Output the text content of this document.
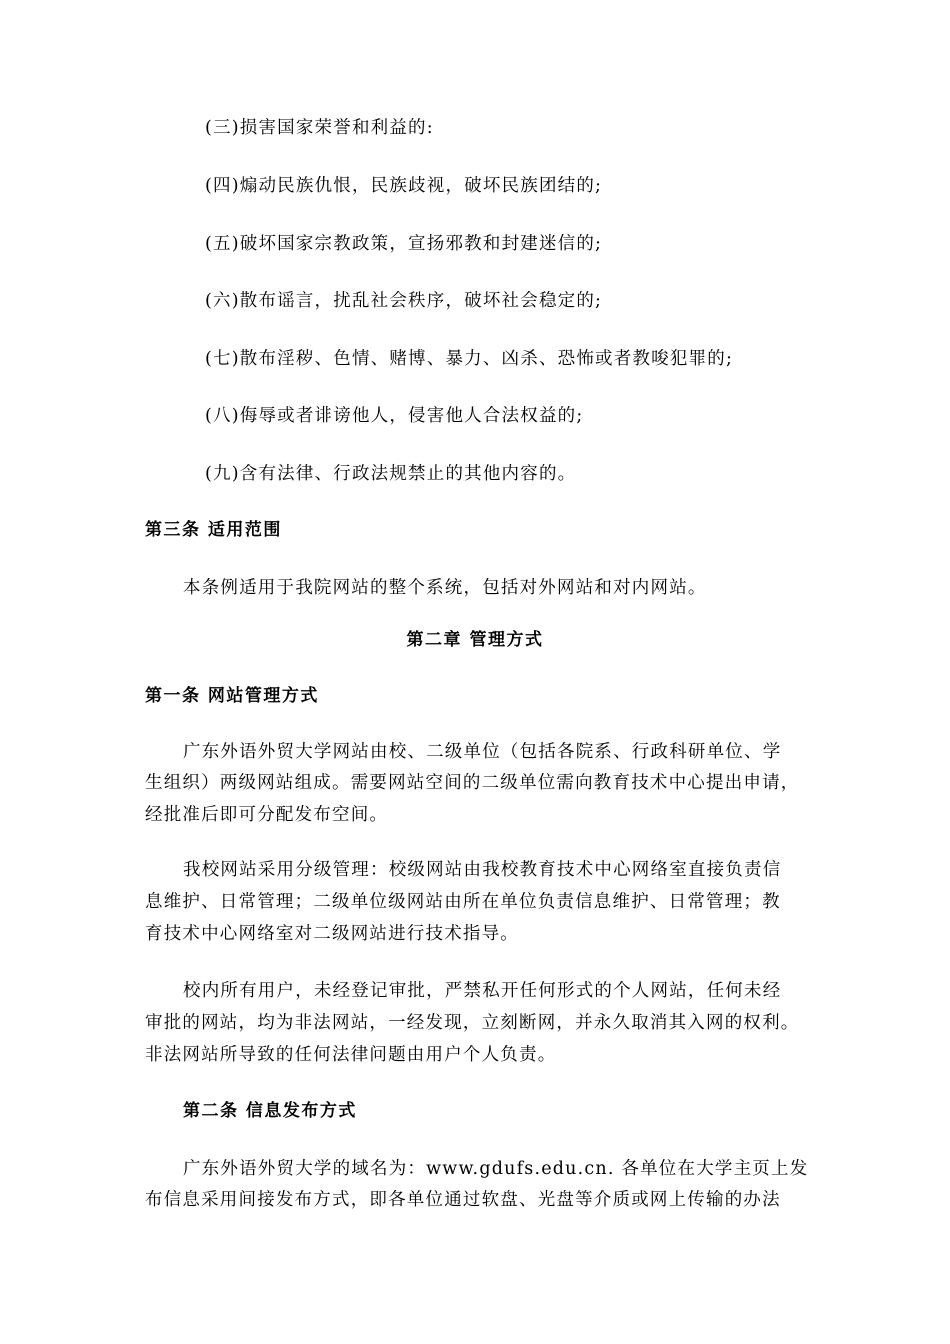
(三)损害国家荣誉和利益的:
(四)煽动民族仇恨，民族歧视，破坏民族团结的;
(五)破坏国家宗教政策，宣扬邪教和封建迷信的;
(六)散布谣言，扰乱社会秩序，破坏社会稳定的;
(七)散布淫秽、色情、赌博、暴力、凶杀、恐怖或者教唆犯罪的;
(八)侮辱或者诽谤他人，侵害他人合法权益的;
(九)含有法律、行政法规禁止的其他内容的。
第三条 适用范围
本条例适用于我院网站的整个系统，包括对外网站和对内网站。
第二章 管理方式
第一条 网站管理方式
广东外语外贸大学网站由校、二级单位（包括各院系、行政科研单位、学
生组织）两级网站组成。需要网站空间的二级单位需向教育技术中心提出申请，
经批准后即可分配发布空间。
我校网站采用分级管理：校级网站由我校教育技术中心网络室直接负责信
息维护、日常管理；二级单位级网站由所在单位负责信息维护、日常管理；教
育技术中心网络室对二级网站进行技术指导。
校内所有用户，未经登记审批，严禁私开任何形式的个人网站，任何未经
审批的网站，均为非法网站，一经发现，立刻断网，并永久取消其入网的权利。
非法网站所导致的任何法律问题由用户个人负责。
第二条 信息发布方式
广东外语外贸大学的域名为：www.gdufs.edu.cn. 各单位在大学主页上发
布信息采用间接发布方式，即各单位通过软盘、光盘等介质或网上传输的办法
